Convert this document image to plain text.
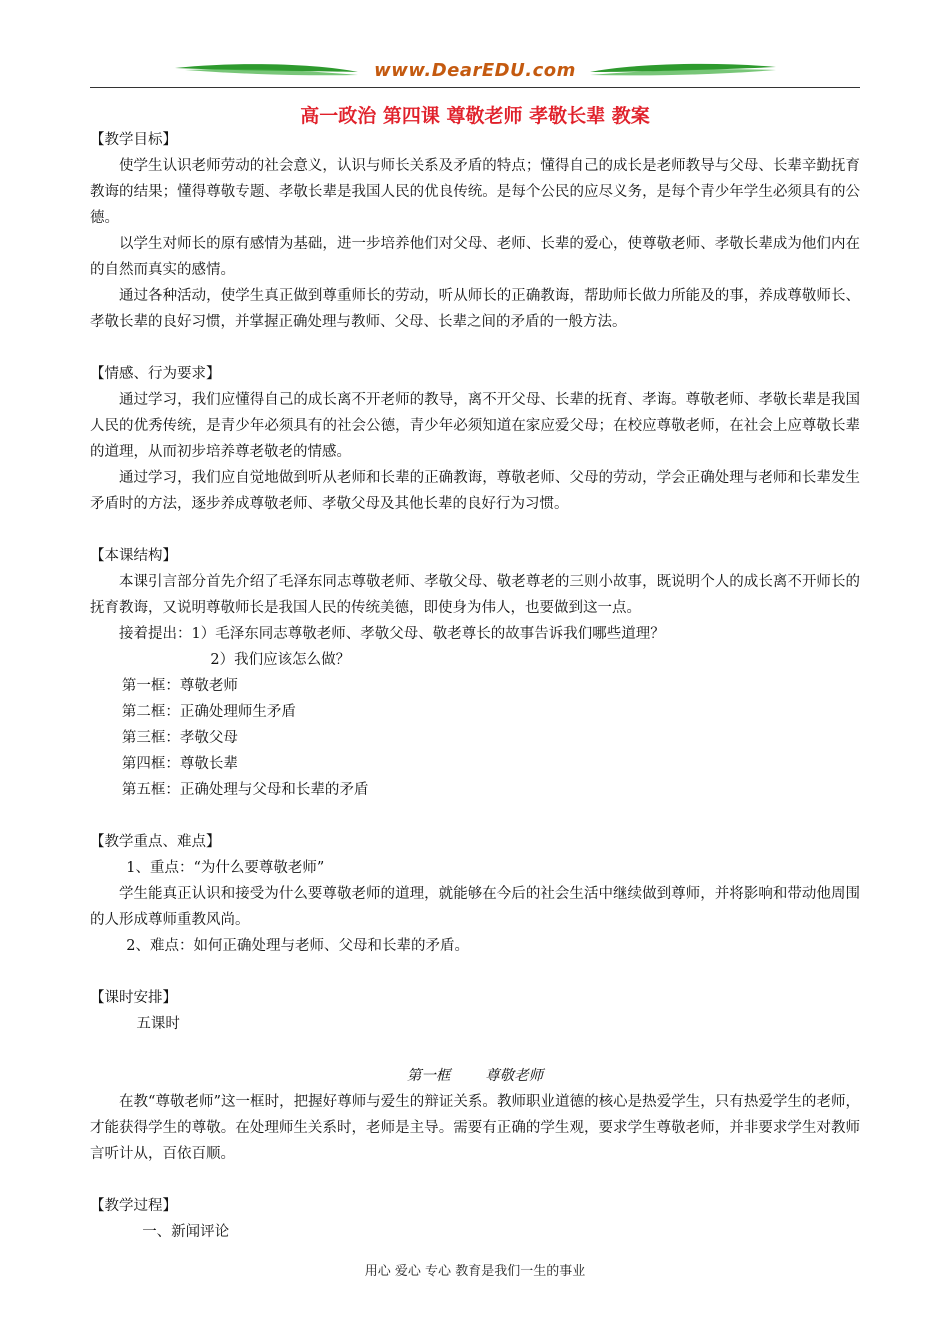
www.DearEDU.com
高一政治 第四课 尊敬老师 孝敬长辈 教案

【教学目标】

使学生认识老师劳动的社会意义，认识与师长关系及矛盾的特点；懂得自己的成长是老师教导与父母、长辈辛勤抚育教诲的结果；懂得尊敬专题、孝敬长辈是我国人民的优良传统。是每个公民的应尽义务，是每个青少年学生必须具有的公德。

以学生对师长的原有感情为基础，进一步培养他们对父母、老师、长辈的爱心，使尊敬老师、孝敬长辈成为他们内在的自然而真实的感情。

通过各种活动，使学生真正做到尊重师长的劳动，听从师长的正确教诲，帮助师长做力所能及的事，养成尊敬师长、孝敬长辈的良好习惯，并掌握正确处理与教师、父母、长辈之间的矛盾的一般方法。

【情感、行为要求】

通过学习，我们应懂得自己的成长离不开老师的教导，离不开父母、长辈的抚育、孝诲。尊敬老师、孝敬长辈是我国人民的优秀传统，是青少年必须具有的社会公德，青少年必须知道在家应爱父母；在校应尊敬老师，在社会上应尊敬长辈的道理，从而初步培养尊老敬老的情感。

通过学习，我们应自觉地做到听从老师和长辈的正确教诲，尊敬老师、父母的劳动，学会正确处理与老师和长辈发生矛盾时的方法，逐步养成尊敬老师、孝敬父母及其他长辈的良好行为习惯。

【本课结构】

本课引言部分首先介绍了毛泽东同志尊敬老师、孝敬父母、敬老尊老的三则小故事，既说明个人的成长离不开师长的抚育教诲，又说明尊敬师长是我国人民的传统美德，即使身为伟人，也要做到这一点。

接着提出：1）毛泽东同志尊敬老师、孝敬父母、敬老尊长的故事告诉我们哪些道理？

2）我们应该怎么做？

第一框：尊敬老师

第二框：正确处理师生矛盾

第三框：孝敬父母

第四框：尊敬长辈

第五框：正确处理与父母和长辈的矛盾

【教学重点、难点】

1、重点：“为什么要尊敬老师”

学生能真正认识和接受为什么要尊敬老师的道理，就能够在今后的社会生活中继续做到尊师，并将影响和带动他周围的人形成尊师重教风尚。

2、难点：如何正确处理与老师、父母和长辈的矛盾。

【课时安排】

五课时

第一框 尊敬老师

在教“尊敬老师”这一框时，把握好尊师与爱生的辩证关系。教师职业道德的核心是热爱学生，只有热爱学生的老师，才能获得学生的尊敬。在处理师生关系时，老师是主导。需要有正确的学生观，要求学生尊敬老师，并非要求学生对教师言听计从，百依百顺。

【教学过程】

一、新闻评论

用心 爱心 专心 教育是我们一生的事业
